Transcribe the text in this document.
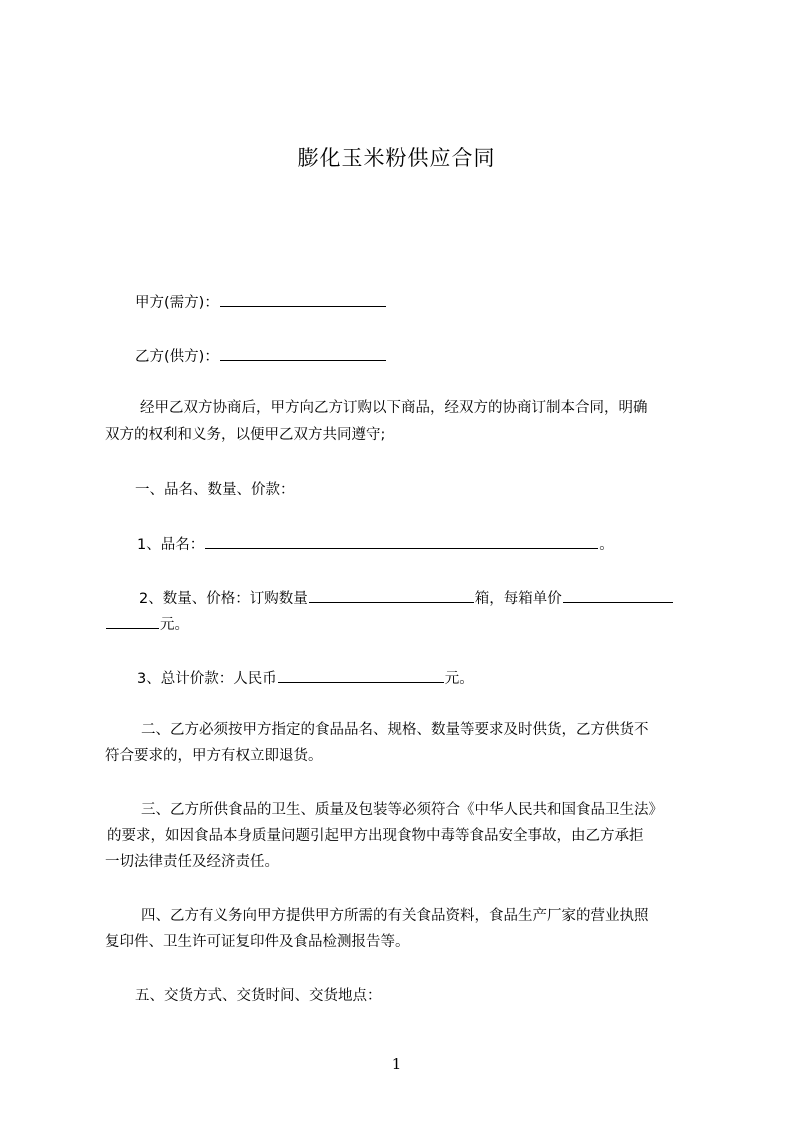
膨化玉米粉供应合同
甲方(需方)：
乙方(供方)：
经甲乙双方协商后，甲方向乙方订购以下商品，经双方的协商订制本合同，明确
双方的权利和义务，以便甲乙双方共同遵守;
一、品名、数量、价款：
1、品名：	。
2、数量、价格：订购数量	箱，每箱单价
元。
3、总计价款：人民币	元。
二、乙方必须按甲方指定的食品品名、规格、数量等要求及时供货，乙方供货不
符合要求的，甲方有权立即退货。
三、乙方所供食品的卫生、质量及包装等必须符合《中华人民共和国食品卫生法》
的要求，如因食品本身质量问题引起甲方出现食物中毒等食品安全事故，由乙方承拒
一切法律责任及经济责任。
四、乙方有义务向甲方提供甲方所需的有关食品资料，食品生产厂家的营业执照
复印件、卫生许可证复印件及食品检测报告等。
五、交货方式、交货时间、交货地点：
1
